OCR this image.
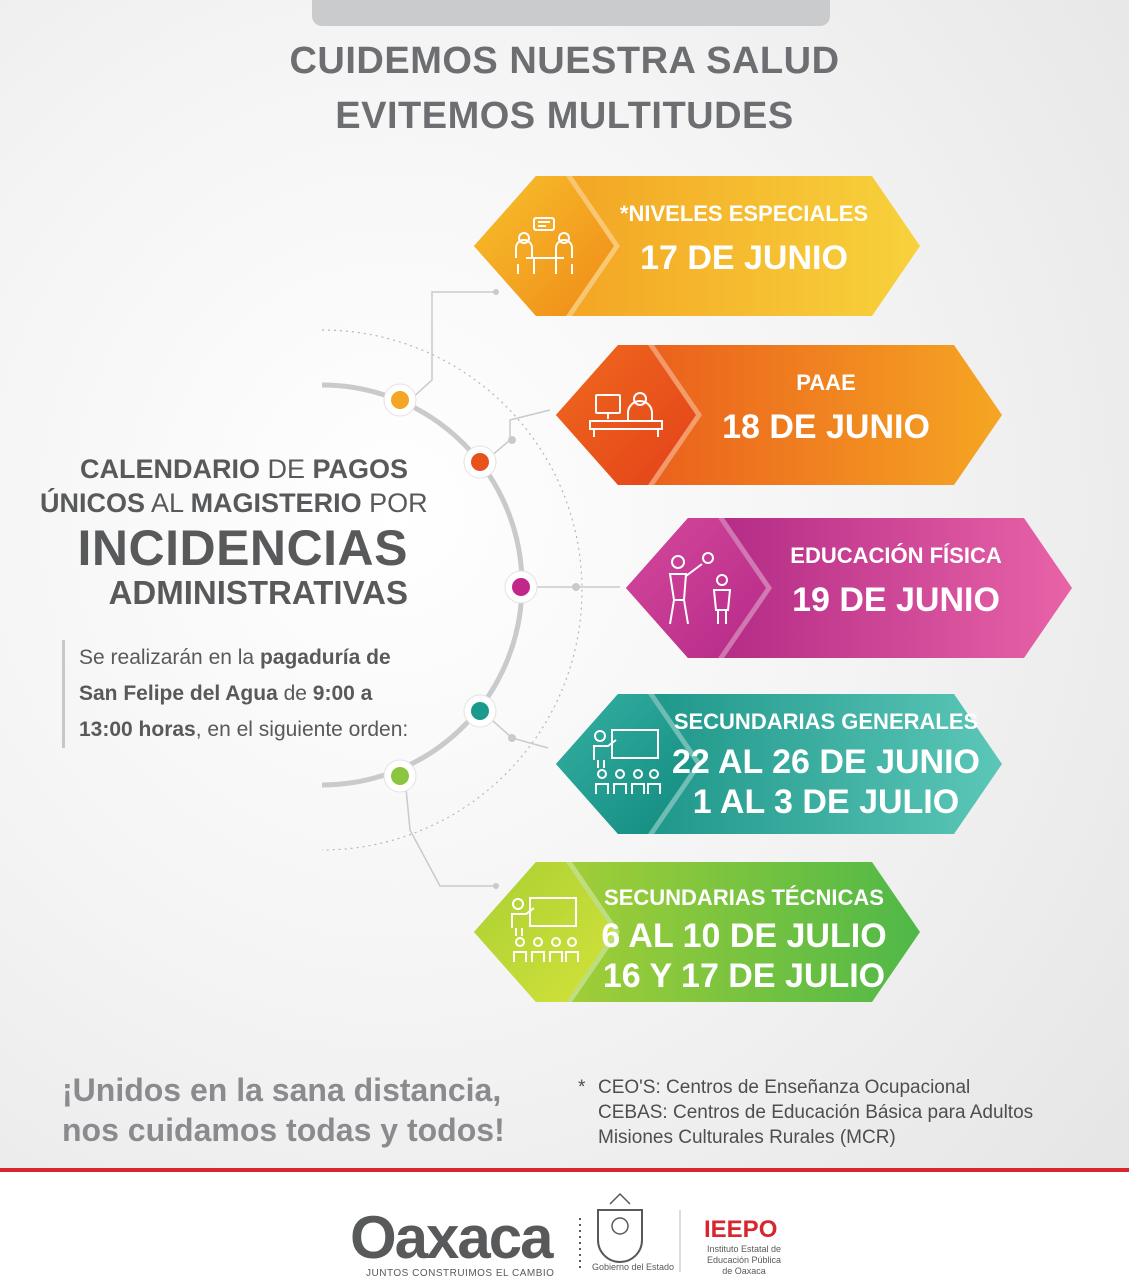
CUIDEMOS NUESTRA SALUD
EVITEMOS MULTITUDES
CALENDARIO DE PAGOS
ÚNICOS AL MAGISTERIO POR
INCIDENCIAS
ADMINISTRATIVAS
Se realizarán en la pagaduría de
San Felipe del Agua de 9:00 a
13:00 horas, en el siguiente orden:
*NIVELES ESPECIALES
17 DE JUNIO
PAAE
18 DE JUNIO
EDUCACIÓN FÍSICA
19 DE JUNIO
SECUNDARIAS GENERALES
22 AL 26 DE JUNIO
1 AL 3 DE JULIO
SECUNDARIAS TÉCNICAS
6 AL 10 DE JULIO
16 Y 17 DE JULIO
¡Unidos en la sana distancia,
nos cuidamos todas y todos!
* CEO'S: Centros de Enseñanza Ocupacional
CEBAS: Centros de Educación Básica para Adultos
Misiones Culturales Rurales (MCR)
Oaxaca
JUNTOS CONSTRUIMOS EL CAMBIO
Gobierno del Estado
IEEPO
Instituto Estatal de Educación Pública de Oaxaca
